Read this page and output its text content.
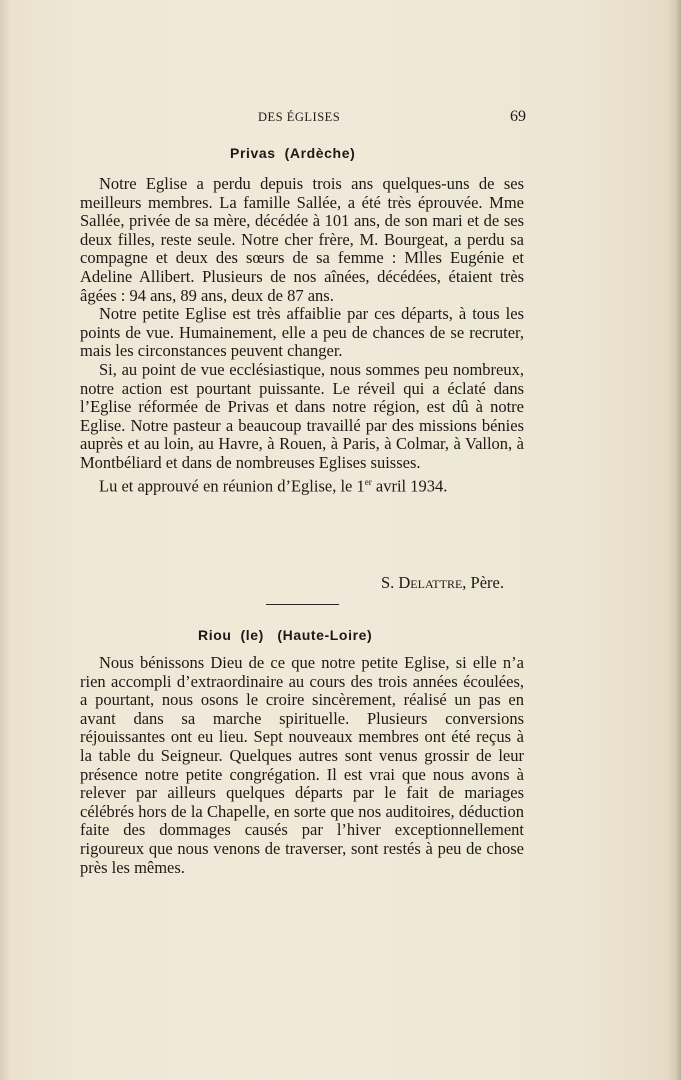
DES ÉGLISES	69
Privas  (Ardèche)

Notre Eglise a perdu depuis trois ans quelques-uns de ses meilleurs membres. La famille Sallée, a été très éprouvée. Mme Sallée, privée de sa mère, décédée à 101 ans, de son mari et de ses deux filles, reste seule. Notre cher frère, M. Bourgeat, a perdu sa compagne et deux des sœurs de sa femme : Mlles Eugénie et Adeline Allibert. Plusieurs de nos aînées, décédées, étaient très âgées : 94 ans, 89 ans, deux de 87 ans.

Notre petite Eglise est très affaiblie par ces départs, à tous les points de vue. Humainement, elle a peu de chances de se recruter, mais les circonstances peuvent changer.

Si, au point de vue ecclésiastique, nous sommes peu nombreux, notre action est pourtant puissante. Le réveil qui a éclaté dans l’Eglise réformée de Privas et dans notre région, est dû à notre Eglise. Notre pasteur a beaucoup travaillé par des missions bénies auprès et au loin, au Havre, à Rouen, à Paris, à Colmar, à Vallon, à Montbéliard et dans de nombreuses Eglises suisses.

Lu et approuvé en réunion d’Eglise, le 1er avril 1934.

S. Delattre, Père.
Riou  (le)   (Haute-Loire)

Nous bénissons Dieu de ce que notre petite Eglise, si elle n’a rien accompli d’extraordinaire au cours des trois années écoulées, a pourtant, nous osons le croire sincèrement, réalisé un pas en avant dans sa marche spirituelle. Plusieurs conversions réjouissantes ont eu lieu. Sept nouveaux membres ont été reçus à la table du Seigneur. Quelques autres sont venus grossir de leur présence notre petite congrégation. Il est vrai que nous avons à relever par ailleurs quelques départs par le fait de mariages célébrés hors de la Chapelle, en sorte que nos auditoires, déduction faite des dommages causés par l’hiver exceptionnellement rigoureux que nous venons de traverser, sont restés à peu de chose près les mêmes.
